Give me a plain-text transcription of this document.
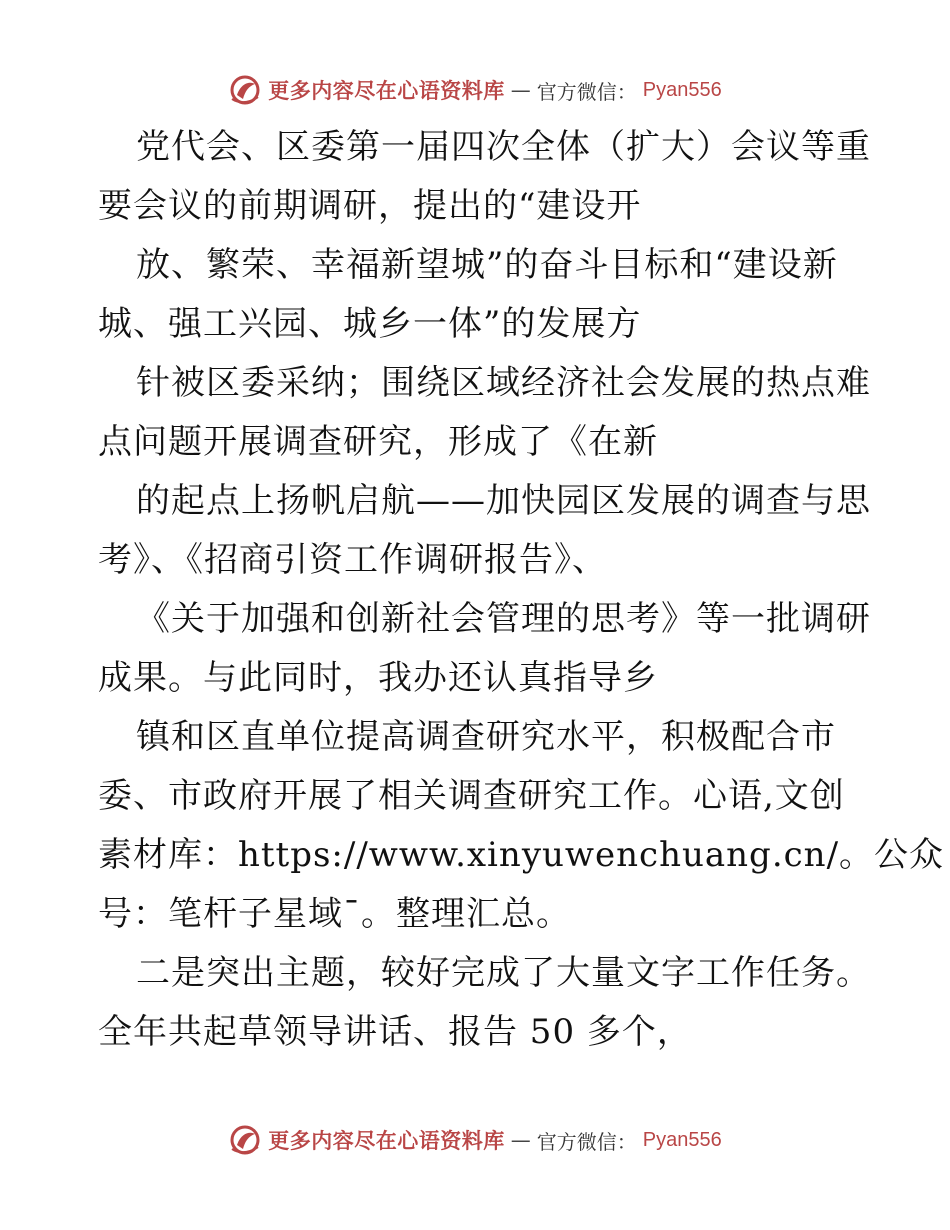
更多内容尽在心语资料库 — 官方微信： Pyan556
党代会、区委第一届四次全体（扩大）会议等重
要会议的前期调研，提出的“建设开
放、繁荣、幸福新望城”的奋斗目标和“建设新
城、强工兴园、城乡一体”的发展方
针被区委采纳；围绕区域经济社会发展的热点难
点问题开展调查研究，形成了《在新
的起点上扬帆启航——加快园区发展的调查与思
考》、《招商引资工作调研报告》、
《关于加强和创新社会管理的思考》等一批调研
成果。与此同时，我办还认真指导乡
镇和区直单位提高调查研究水平，积极配合市
委、市政府开展了相关调查研究工作。心语,文创
素材库：https://www.xinyuwenchuang.cn/。公众
号：笔杆子星域¯。整理汇总。
二是突出主题，较好完成了大量文字工作任务。
全年共起草领导讲话、报告 50 多个，
更多内容尽在心语资料库 — 官方微信： Pyan556
